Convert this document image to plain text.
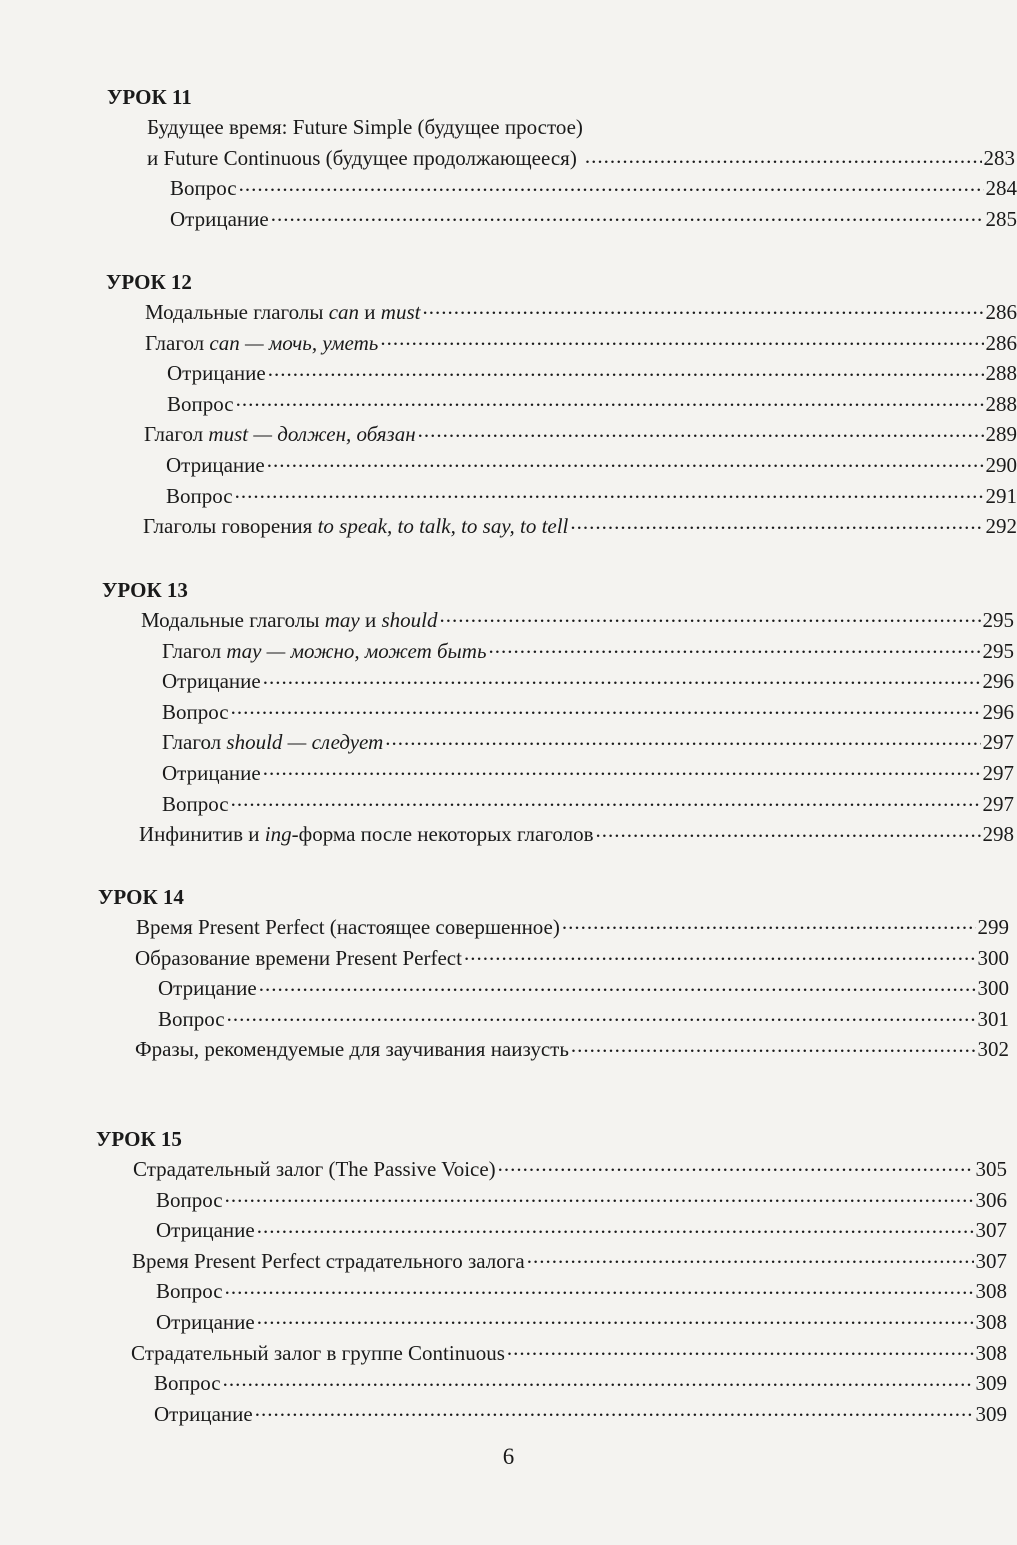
УРОК 11
Будущее время: Future Simple (будущее простое)
и Future Continuous (будущее продолжающееся) .....	283
Вопрос .....	284
Отрицание .....	285
УРОК 12
Модальные глаголы can и must .....	286
Глагол can — мочь, уметь .....	286
Отрицание .....	288
Вопрос .....	288
Глагол must — должен, обязан .....	289
Отрицание .....	290
Вопрос .....	291
Глаголы говорения to speak, to talk, to say, to tell .....	292
УРОК 13
Модальные глаголы may и should .....	295
Глагол may — можно, может быть .....	295
Отрицание .....	296
Вопрос .....	296
Глагол should — следует .....	297
Отрицание .....	297
Вопрос .....	297
Инфинитив и ing-форма после некоторых глаголов .....	298
УРОК 14
Время Present Perfect (настоящее совершенное) .....	299
Образование времени Present Perfect .....	300
Отрицание .....	300
Вопрос .....	301
Фразы, рекомендуемые для заучивания наизусть .....	302
УРОК 15
Страдательный залог (The Passive Voice) .....	305
Вопрос .....	306
Отрицание .....	307
Время Present Perfect страдательного залога .....	307
Вопрос .....	308
Отрицание .....	308
Страдательный залог в группе Continuous .....	308
Вопрос .....	309
Отрицание .....	309
6
